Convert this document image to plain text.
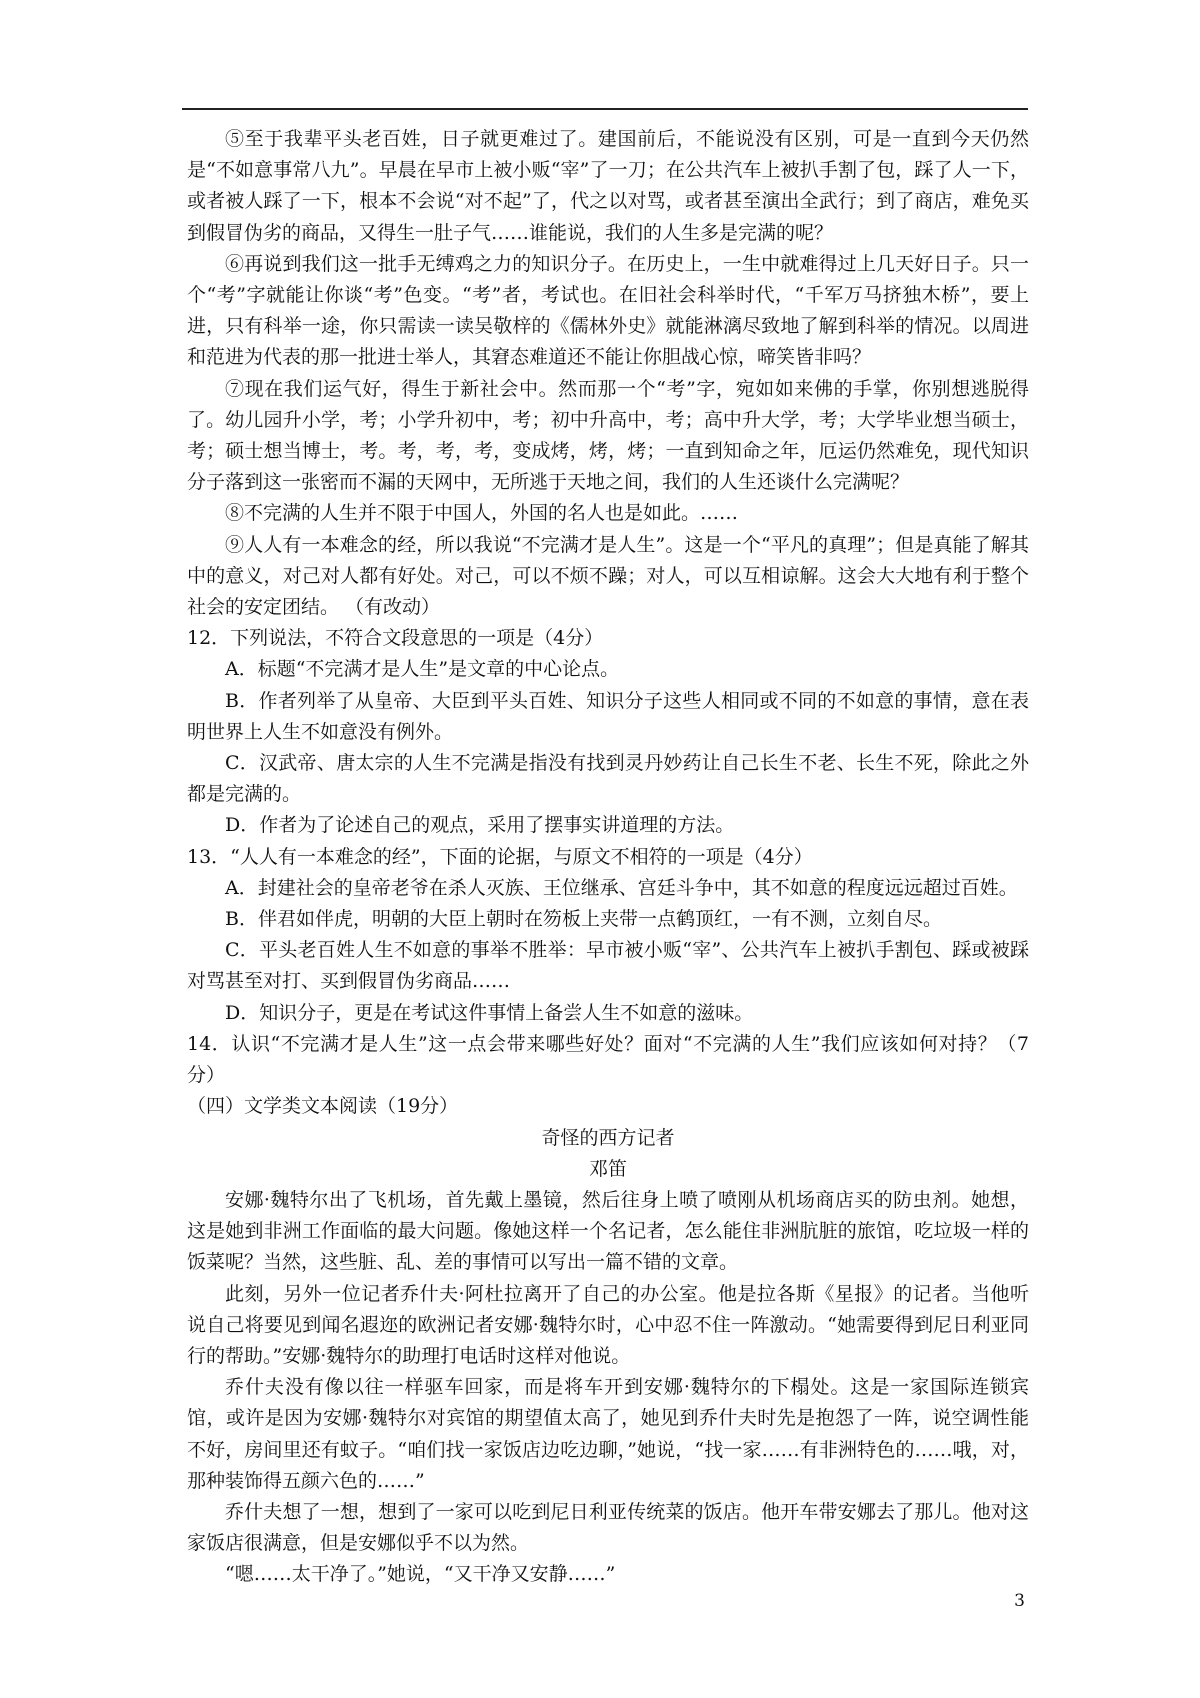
⑤至于我辈平头老百姓，日子就更难过了。建国前后，不能说没有区别，可是一直到今天仍然是“不如意事常八九”。早晨在早市上被小贩“宰”了一刀；在公共汽车上被扒手割了包，踩了人一下，或者被人踩了一下，根本不会说“对不起”了，代之以对骂，或者甚至演出全武行；到了商店，难免买到假冒伪劣的商品，又得生一肚子气……谁能说，我们的人生多是完满的呢？

⑥再说到我们这一批手无缚鸡之力的知识分子。在历史上，一生中就难得过上几天好日子。只一个“考”字就能让你谈“考”色变。“考”者，考试也。在旧社会科举时代，“千军万马挤独木桥”，要上进，只有科举一途，你只需读一读吴敬梓的《儒林外史》就能淋漓尽致地了解到科举的情况。以周进和范进为代表的那一批进士举人，其窘态难道还不能让你胆战心惊，啼笑皆非吗？

⑦现在我们运气好，得生于新社会中。然而那一个“考”字，宛如如来佛的手掌，你别想逃脱得了。幼儿园升小学，考；小学升初中，考；初中升高中，考；高中升大学，考；大学毕业想当硕士，考；硕士想当博士，考。考，考，考，变成烤，烤，烤；一直到知命之年，厄运仍然难免，现代知识分子落到这一张密而不漏的天网中，无所逃于天地之间，我们的人生还谈什么完满呢？

⑧不完满的人生并不限于中国人，外国的名人也是如此。……

⑨人人有一本难念的经，所以我说“不完满才是人生”。这是一个“平凡的真理”；但是真能了解其中的意义，对己对人都有好处。对己，可以不烦不躁；对人，可以互相谅解。这会大大地有利于整个社会的安定团结。 （有改动）

12．下列说法，不符合文段意思的一项是（4分）

A．标题“不完满才是人生”是文章的中心论点。

B．作者列举了从皇帝、大臣到平头百姓、知识分子这些人相同或不同的不如意的事情，意在表明世界上人生不如意没有例外。

C．汉武帝、唐太宗的人生不完满是指没有找到灵丹妙药让自己长生不老、长生不死，除此之外都是完满的。

D．作者为了论述自己的观点，采用了摆事实讲道理的方法。

13．“人人有一本难念的经”，下面的论据，与原文不相符的一项是（4分）

A．封建社会的皇帝老爷在杀人灭族、王位继承、宫廷斗争中，其不如意的程度远远超过百姓。

B．伴君如伴虎，明朝的大臣上朝时在笏板上夹带一点鹤顶红，一有不测，立刻自尽。

C．平头老百姓人生不如意的事举不胜举：早市被小贩“宰”、公共汽车上被扒手割包、踩或被踩对骂甚至对打、买到假冒伪劣商品……

D．知识分子，更是在考试这件事情上备尝人生不如意的滋味。

14．认识“不完满才是人生”这一点会带来哪些好处？面对“不完满的人生”我们应该如何对持？（7分）

（四）文学类文本阅读（19分）

奇怪的西方记者

邓笛

安娜·魏特尔出了飞机场，首先戴上墨镜，然后往身上喷了喷刚从机场商店买的防虫剂。她想，这是她到非洲工作面临的最大问题。像她这样一个名记者，怎么能住非洲肮脏的旅馆，吃垃圾一样的饭菜呢？当然，这些脏、乱、差的事情可以写出一篇不错的文章。

此刻，另外一位记者乔什夫·阿杜拉离开了自己的办公室。他是拉各斯《星报》的记者。当他听说自己将要见到闻名遐迩的欧洲记者安娜·魏特尔时，心中忍不住一阵激动。“她需要得到尼日利亚同行的帮助。”安娜·魏特尔的助理打电话时这样对他说。

乔什夫没有像以往一样驱车回家，而是将车开到安娜·魏特尔的下榻处。这是一家国际连锁宾馆，或许是因为安娜·魏特尔对宾馆的期望值太高了，她见到乔什夫时先是抱怨了一阵，说空调性能不好，房间里还有蚊子。“咱们找一家饭店边吃边聊，”她说，“找一家……有非洲特色的……哦，对，那种装饰得五颜六色的……”

乔什夫想了一想，想到了一家可以吃到尼日利亚传统菜的饭店。他开车带安娜去了那儿。他对这家饭店很满意，但是安娜似乎不以为然。

“嗯……太干净了。”她说，“又干净又安静……”

3
